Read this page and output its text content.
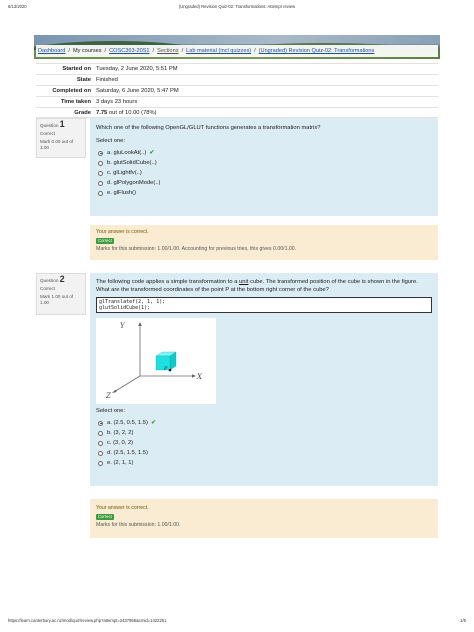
6/13/2020	(Ungraded) Revision Quiz-02: Transformations: Attempt review
Dashboard / My courses / COSC363-20S1 / Sections / Lab material (incl quizzes) / (Ungraded) Revision Quiz-02: Transformations
Started on Tuesday, 2 June 2020, 5:51 PM
State Finished
Completed on Saturday, 6 June 2020, 5:47 PM
Time taken 3 days 23 hours
Grade 7.75 out of 10.00 (78%)
Question 1
Correct
Mark 0.00 out of 1.00
Which one of the following OpenGL/GLUT functions generates a transformation matrix?
Select one:
a. gluLookAt(..) ✔
b. glutSolidCube(..)
c. glLightfv(..)
d. glPolygonMode(..)
e. glFlush()
Your answer is correct.
Correct
Marks for this submission: 1.00/1.00. Accounting for previous tries, this gives 0.00/1.00.
Question 2
Correct
Mark 1.00 out of 1.00
The following code applies a simple transformation to a unit cube. The transformed position of the cube is shown in the figure. What are the transformed coordinates of the point P at the bottom right corner of the cube?
glTranslatef(2, 1, 1);
glutSolidCube(1);
Y
X
Z
P
Select one:
a. (2.5, 0.5, 1.5) ✔
b. (3, 2, 2)
c. (3, 0, 2)
d. (2.5, 1.5, 1.5)
e. (2, 1, 1)
Your answer is correct.
Correct
Marks for this submission: 1.00/1.00.
https://learn.canterbury.ac.nz/mod/quiz/review.php?attempt=2437956&cmid=1422251	1/5
